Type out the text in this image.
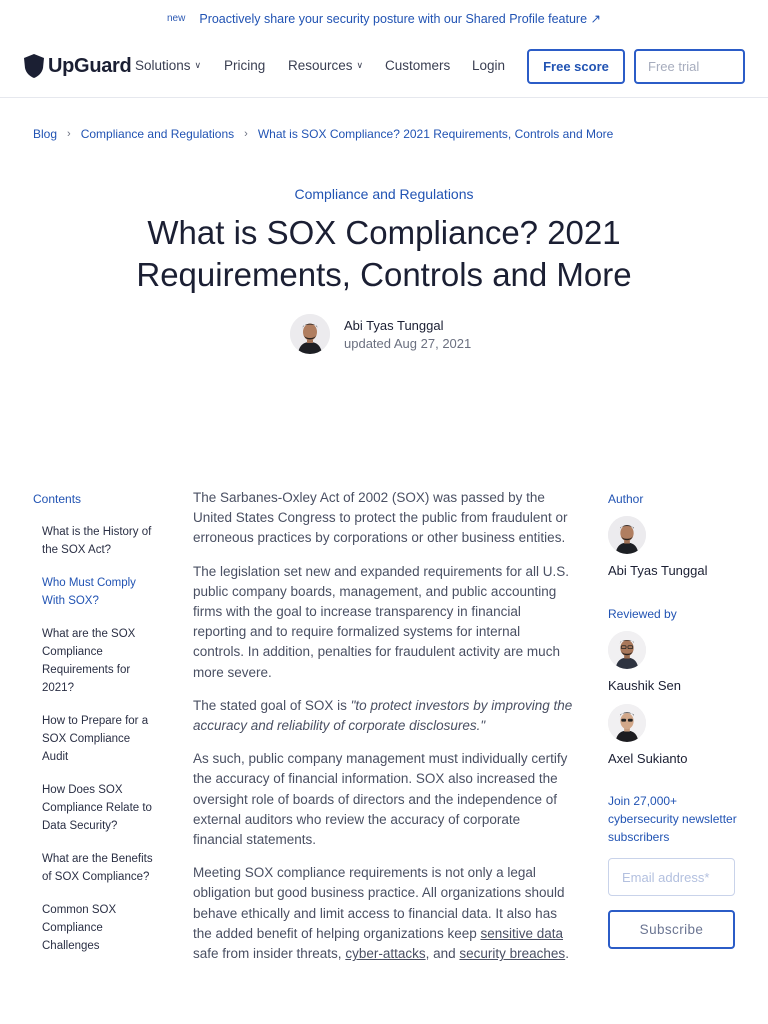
new Proactively share your security posture with our Shared Profile feature ↗
UpGuard Solutions ∨ Pricing Resources ∨ Customers Login	Free score	Free trial
Blog › Compliance and Regulations › What is SOX Compliance? 2021 Requirements, Controls and More
Compliance and Regulations
What is SOX Compliance? 2021 Requirements, Controls and More
Abi Tyas Tunggal
updated Aug 27, 2021
Contents
What is the History of the SOX Act?
Who Must Comply With SOX?
What are the SOX Compliance Requirements for 2021?
How to Prepare for a SOX Compliance Audit
How Does SOX Compliance Relate to Data Security?
What are the Benefits of SOX Compliance?
Common SOX Compliance Challenges

The Sarbanes-Oxley Act of 2002 (SOX) was passed by the United States Congress to protect the public from fraudulent or erroneous practices by corporations or other business entities.

The legislation set new and expanded requirements for all U.S. public company boards, management, and public accounting firms with the goal to increase transparency in financial reporting and to require formalized systems for internal controls. In addition, penalties for fraudulent activity are much more severe.

The stated goal of SOX is "to protect investors by improving the accuracy and reliability of corporate disclosures."

As such, public company management must individually certify the accuracy of financial information. SOX also increased the oversight role of boards of directors and the independence of external auditors who review the accuracy of corporate financial statements.

Meeting SOX compliance requirements is not only a legal obligation but good business practice. All organizations should behave ethically and limit access to financial data. It also has the added benefit of helping organizations keep sensitive data safe from insider threats, cyber-attacks, and security breaches.

Author
Abi Tyas Tunggal
Reviewed by
Kaushik Sen
Axel Sukianto
Join 27,000+ cybersecurity newsletter subscribers
Email address* Subscribe
